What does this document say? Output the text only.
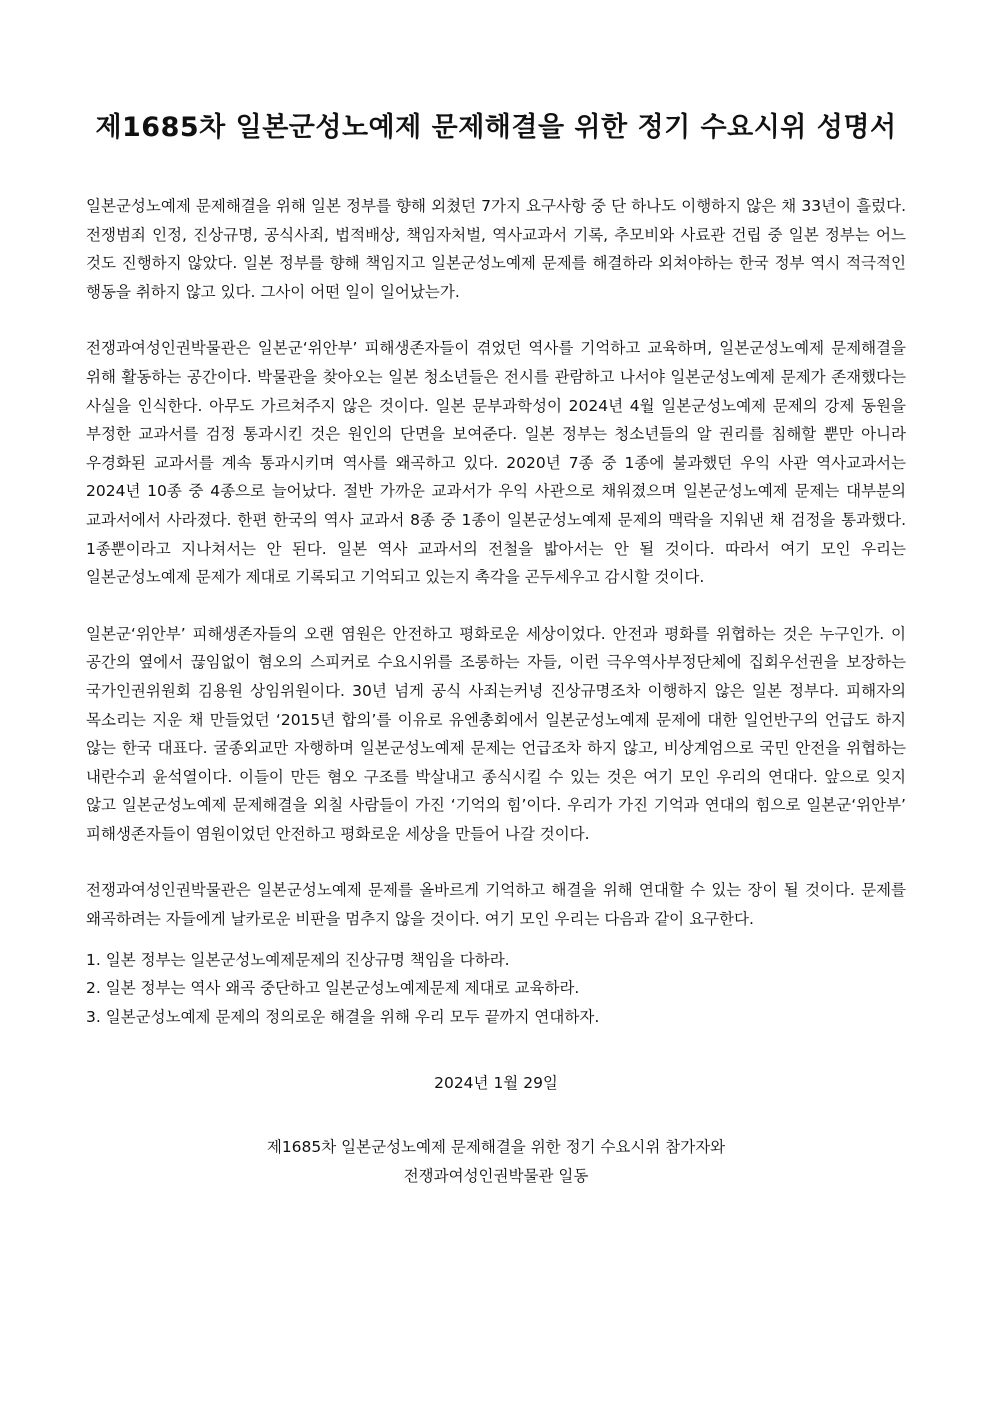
제1685차 일본군성노예제 문제해결을 위한 정기 수요시위 성명서

일본군성노예제 문제해결을 위해 일본 정부를 향해 외쳤던 7가지 요구사항 중 단 하나도 이행하지 않은 채 33년이 흘렀다. 전쟁범죄 인정, 진상규명, 공식사죄, 법적배상, 책임자처벌, 역사교과서 기록, 추모비와 사료관 건립 중 일본 정부는 어느 것도 진행하지 않았다. 일본 정부를 향해 책임지고 일본군성노예제 문제를 해결하라 외쳐야하는 한국 정부 역시 적극적인 행동을 취하지 않고 있다. 그사이 어떤 일이 일어났는가.

전쟁과여성인권박물관은 일본군‘위안부’ 피해생존자들이 겪었던 역사를 기억하고 교육하며, 일본군성노예제 문제해결을 위해 활동하는 공간이다. 박물관을 찾아오는 일본 청소년들은 전시를 관람하고 나서야 일본군성노예제 문제가 존재했다는 사실을 인식한다. 아무도 가르쳐주지 않은 것이다. 일본 문부과학성이 2024년 4월 일본군성노예제 문제의 강제 동원을 부정한 교과서를 검정 통과시킨 것은 원인의 단면을 보여준다. 일본 정부는 청소년들의 알 권리를 침해할 뿐만 아니라 우경화된 교과서를 계속 통과시키며 역사를 왜곡하고 있다. 2020년 7종 중 1종에 불과했던 우익 사관 역사교과서는 2024년 10종 중 4종으로 늘어났다. 절반 가까운 교과서가 우익 사관으로 채워졌으며 일본군성노예제 문제는 대부분의 교과서에서 사라졌다. 한편 한국의 역사 교과서 8종 중 1종이 일본군성노예제 문제의 맥락을 지워낸 채 검정을 통과했다. 1종뿐이라고 지나쳐서는 안 된다. 일본 역사 교과서의 전철을 밟아서는 안 될 것이다. 따라서 여기 모인 우리는 일본군성노예제 문제가 제대로 기록되고 기억되고 있는지 촉각을 곤두세우고 감시할 것이다.

일본군‘위안부’ 피해생존자들의 오랜 염원은 안전하고 평화로운 세상이었다. 안전과 평화를 위협하는 것은 누구인가. 이 공간의 옆에서 끊임없이 혐오의 스피커로 수요시위를 조롱하는 자들, 이런 극우역사부정단체에 집회우선권을 보장하는 국가인권위원회 김용원 상임위원이다. 30년 넘게 공식 사죄는커녕 진상규명조차 이행하지 않은 일본 정부다. 피해자의 목소리는 지운 채 만들었던 ‘2015년 합의’를 이유로 유엔총회에서 일본군성노예제 문제에 대한 일언반구의 언급도 하지 않는 한국 대표다. 굴종외교만 자행하며 일본군성노예제 문제는 언급조차 하지 않고, 비상계엄으로 국민 안전을 위협하는 내란수괴 윤석열이다. 이들이 만든 혐오 구조를 박살내고 종식시킬 수 있는 것은 여기 모인 우리의 연대다. 앞으로 잊지 않고 일본군성노예제 문제해결을 외칠 사람들이 가진 ‘기억의 힘’이다. 우리가 가진 기억과 연대의 힘으로 일본군‘위안부’ 피해생존자들이 염원이었던 안전하고 평화로운 세상을 만들어 나갈 것이다.

전쟁과여성인권박물관은 일본군성노예제 문제를 올바르게 기억하고 해결을 위해 연대할 수 있는 장이 될 것이다. 문제를 왜곡하려는 자들에게 날카로운 비판을 멈추지 않을 것이다. 여기 모인 우리는 다음과 같이 요구한다.

1. 일본 정부는 일본군성노예제문제의 진상규명 책임을 다하라.
2. 일본 정부는 역사 왜곡 중단하고 일본군성노예제문제 제대로 교육하라.
3. 일본군성노예제 문제의 정의로운 해결을 위해 우리 모두 끝까지 연대하자.
2024년 1월 29일
제1685차 일본군성노예제 문제해결을 위한 정기 수요시위 참가자와
전쟁과여성인권박물관 일동
